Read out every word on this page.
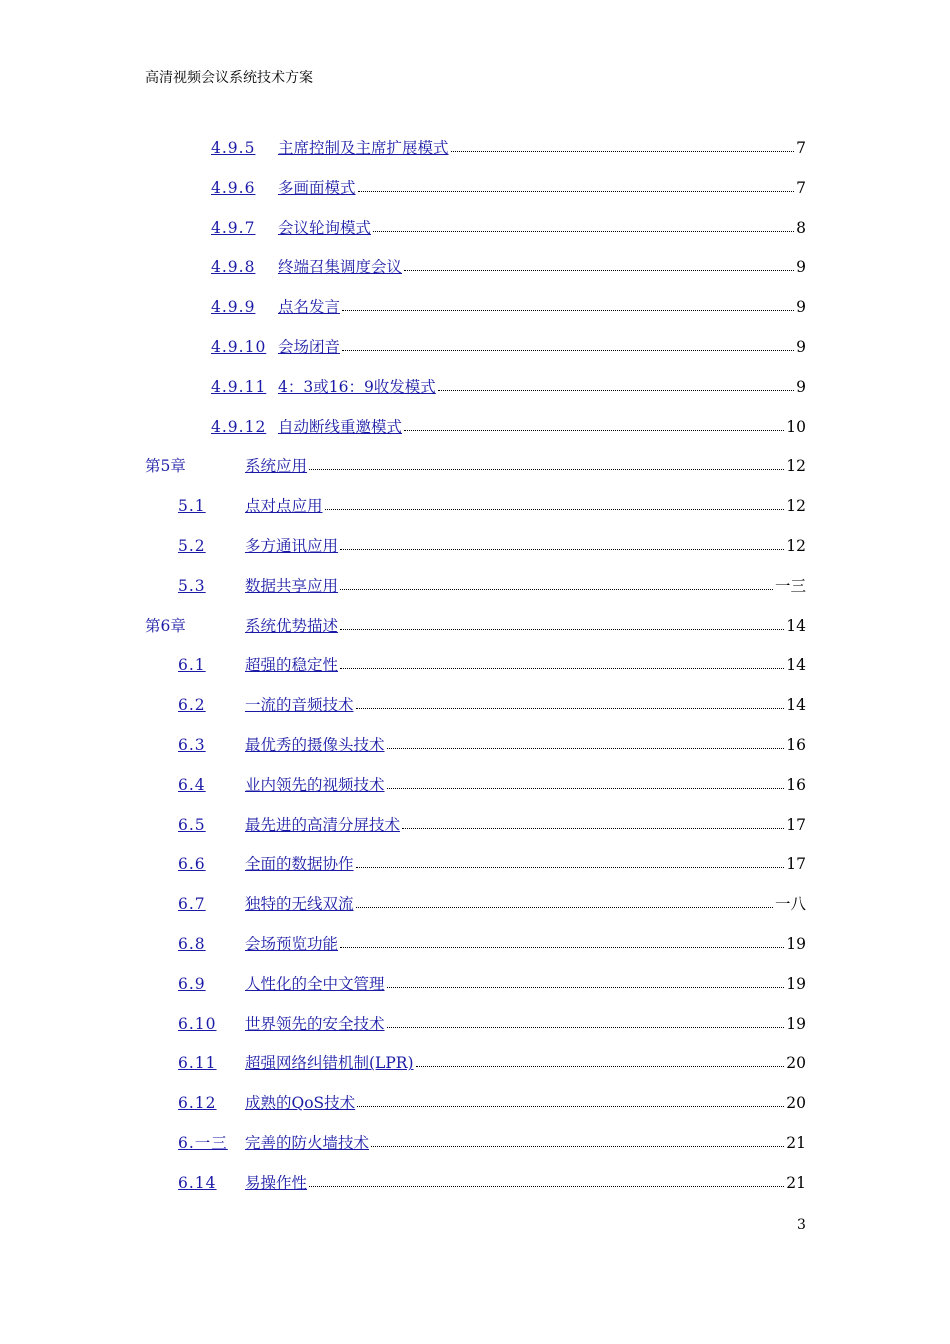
高清视频会议系统技术方案
4.9.5	主席控制及主席扩展模式	7
4.9.6	多画面模式	7
4.9.7	会议轮询模式	8
4.9.8	终端召集调度会议	9
4.9.9	点名发言	9
4.9.10 会场闭音	9
4.9.11 4：3或16：9收发模式	9
4.9.12 自动断线重邀模式	10
第5章	系统应用	12
5.1	点对点应用	12
5.2	多方通讯应用	12
5.3	数据共享应用	一三
第6章	系统优势描述	14
6.1	超强的稳定性	14
6.2	一流的音频技术	14
6.3	最优秀的摄像头技术	16
6.4	业内领先的视频技术	16
6.5	最先进的高清分屏技术	17
6.6	全面的数据协作	17
6.7	独特的无线双流	一八
6.8	会场预览功能	19
6.9	人性化的全中文管理	19
6.10	世界领先的安全技术	19
6.11	超强网络纠错机制(LPR)	20
6.12	成熟的QoS技术	20
6.一三	完善的防火墙技术	21
6.14	易操作性	21
3
